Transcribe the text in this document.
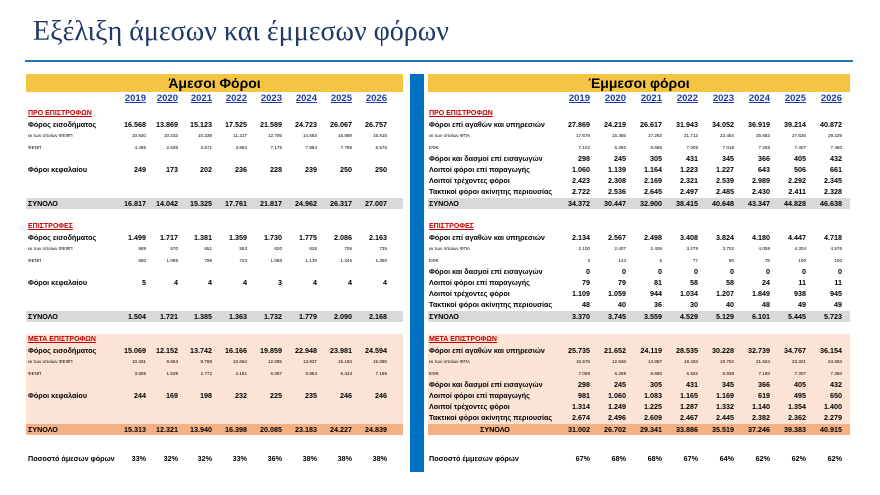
Εξέλιξη άμεσων και έμμεσων φόρων
Άμεσοι Φόροι	Έμμεσοι φόροι
2019	2020	2021	2022	2023	2024	2025	2026
ΠΡΟ ΕΠΙΣΤΡΟΦΩΝ
Φόρος εισοδήματος	16.568	13.869	15.123	17.525	21.589	24.723	26.067	26.757
εκ των οποίων ΦΕΦΠ	10.920	10.233	10.339	11.217	12.705	14.563	15.889	15.815
ΦΕΝΠ	4.485	2.638	3.571	4.884	7.175	7.984	7.788	8.576
Φόροι κεφαλαίου	249	173	202	236	228	239	250	250
ΣΥΝΟΛΟ	16.817	14.042	15.325	17.761	21.817	24.962	26.317	27.007
ΕΠΙΣΤΡΟΦΕΣ
Φόρος εισοδήματος	1.499	1.717	1.381	1.359	1.730	1.775	2.086	2.163
εκ των οποίων ΦΕΦΠ	589	570	551	553	620	626	705	735
ΦΕΝΠ	880	1.099	799	723	1.088	1.130	1.345	1.390
Φόροι κεφαλαίου	5	4	4	4	3	4	4	4
ΣΥΝΟΛΟ	1.504	1.721	1.385	1.363	1.732	1.779	2.090	2.168
ΜΕΤΑ ΕΠΙΣΤΡΟΦΩΝ
Φόρος εισοδήματος	15.069	12.152	13.742	16.166	19.859	22.948	23.981	24.594
εκ των οποίων ΦΕΦΠ	10.331	9.663	9.788	10.664	12.085	13.937	15.184	15.080
ΦΕΝΠ	3.605	1.539	2.772	4.161	6.087	6.854	6.443	7.186
Φόροι κεφαλαίου	244	169	198	232	225	235	246	246
ΣΥΝΟΛΟ	15.313	12.321	13.940	16.398	20.085	23.183	24.227	24.839
Ποσοστό άμεσων φόρων	33%	32%	32%	33%	36%	38%	38%	38%
2019	2020	2021	2022	2023	2024	2025	2026
ΠΡΟ ΕΠΙΣΤΡΟΦΩΝ
Φόροι επί αγαθών και υπηρεσιών	27.869	24.219	26.617	31.943	34.052	36.919	39.214	40.872
εκ των οποίων ΦΠΑ	17.678	15.355	17.293	21.712	23.454	25.683	27.625	29.229
ΕΦΚ	7.102	6.392	6.686	7.009	7.018	7.258	7.407	7.460
Φόροι και δασμοί επί εισαγωγών	298	245	305	431	345	366	405	432
Λοιποί φόροι επί παραγωγής	1.060	1.139	1.164	1.223	1.227	643	506	661
Λοιποί τρέχοντες φόροι	2.423	2.308	2.169	2.321	2.539	2.989	2.292	2.345
Τακτικοί φόροι ακίνητης περιουσίας	2.722	2.536	2.645	2.497	2.485	2.430	2.411	2.328
ΣΥΝΟΛΟ	34.372	30.447	32.900	38.415	40.648	43.347	44.828	46.638
ΕΠΙΣΤΡΟΦΕΣ
Φόροι επί αγαθών και υπηρεσιών	2.134	2.567	2.498	3.408	3.824	4.180	4.447	4.718
εκ των οποίων ΦΠΑ	2.100	2.407	2.406	3.279	3.702	4.059	4.304	4.576
ΕΦΚ	3	123	6	77	80	78	100	100
Φόροι και δασμοί επί εισαγωγών	0	0	0	0	0	0	0	0
Λοιποί φόροι επί παραγωγής	79	79	81	58	58	24	11	11
Λοιποί τρέχοντες φόροι	1.109	1.059	944	1.034	1.207	1.849	938	945
Τακτικοί φόροι ακίνητης περιουσίας	48	40	36	30	40	48	49	49
ΣΥΝΟΛΟ	3.370	3.745	3.559	4.529	5.129	6.101	5.445	5.723
ΜΕΤΑ ΕΠΙΣΤΡΟΦΩΝ
Φόροι επί αγαθών και υπηρεσιών	25.735	21.652	24.119	28.535	30.228	32.739	34.767	36.154
εκ των οποίων ΦΠΑ	15.578	12.948	14.887	18.433	19.752	21.624	23.321	24.653
ΕΦΚ	7.099	6.269	6.680	6.932	6.938	7.180	7.307	7.360
Φόροι και δασμοί επί εισαγωγών	298	245	305	431	345	366	405	432
Λοιποί φόροι επί παραγωγής	981	1.060	1.083	1.165	1.169	619	495	650
Λοιποί τρέχοντες φόροι	1.314	1.249	1.225	1.287	1.332	1.140	1.354	1.400
Τακτικοί φόροι ακίνητης περιουσίας	2.674	2.496	2.609	2.467	2.445	2.382	2.362	2.279
ΣΥΝΟΛΟ	31.002	26.702	29.341	33.886	35.519	37.246	39.383	40.915
Ποσοστό έμμεσων φόρων	67%	68%	68%	67%	64%	62%	62%	62%
